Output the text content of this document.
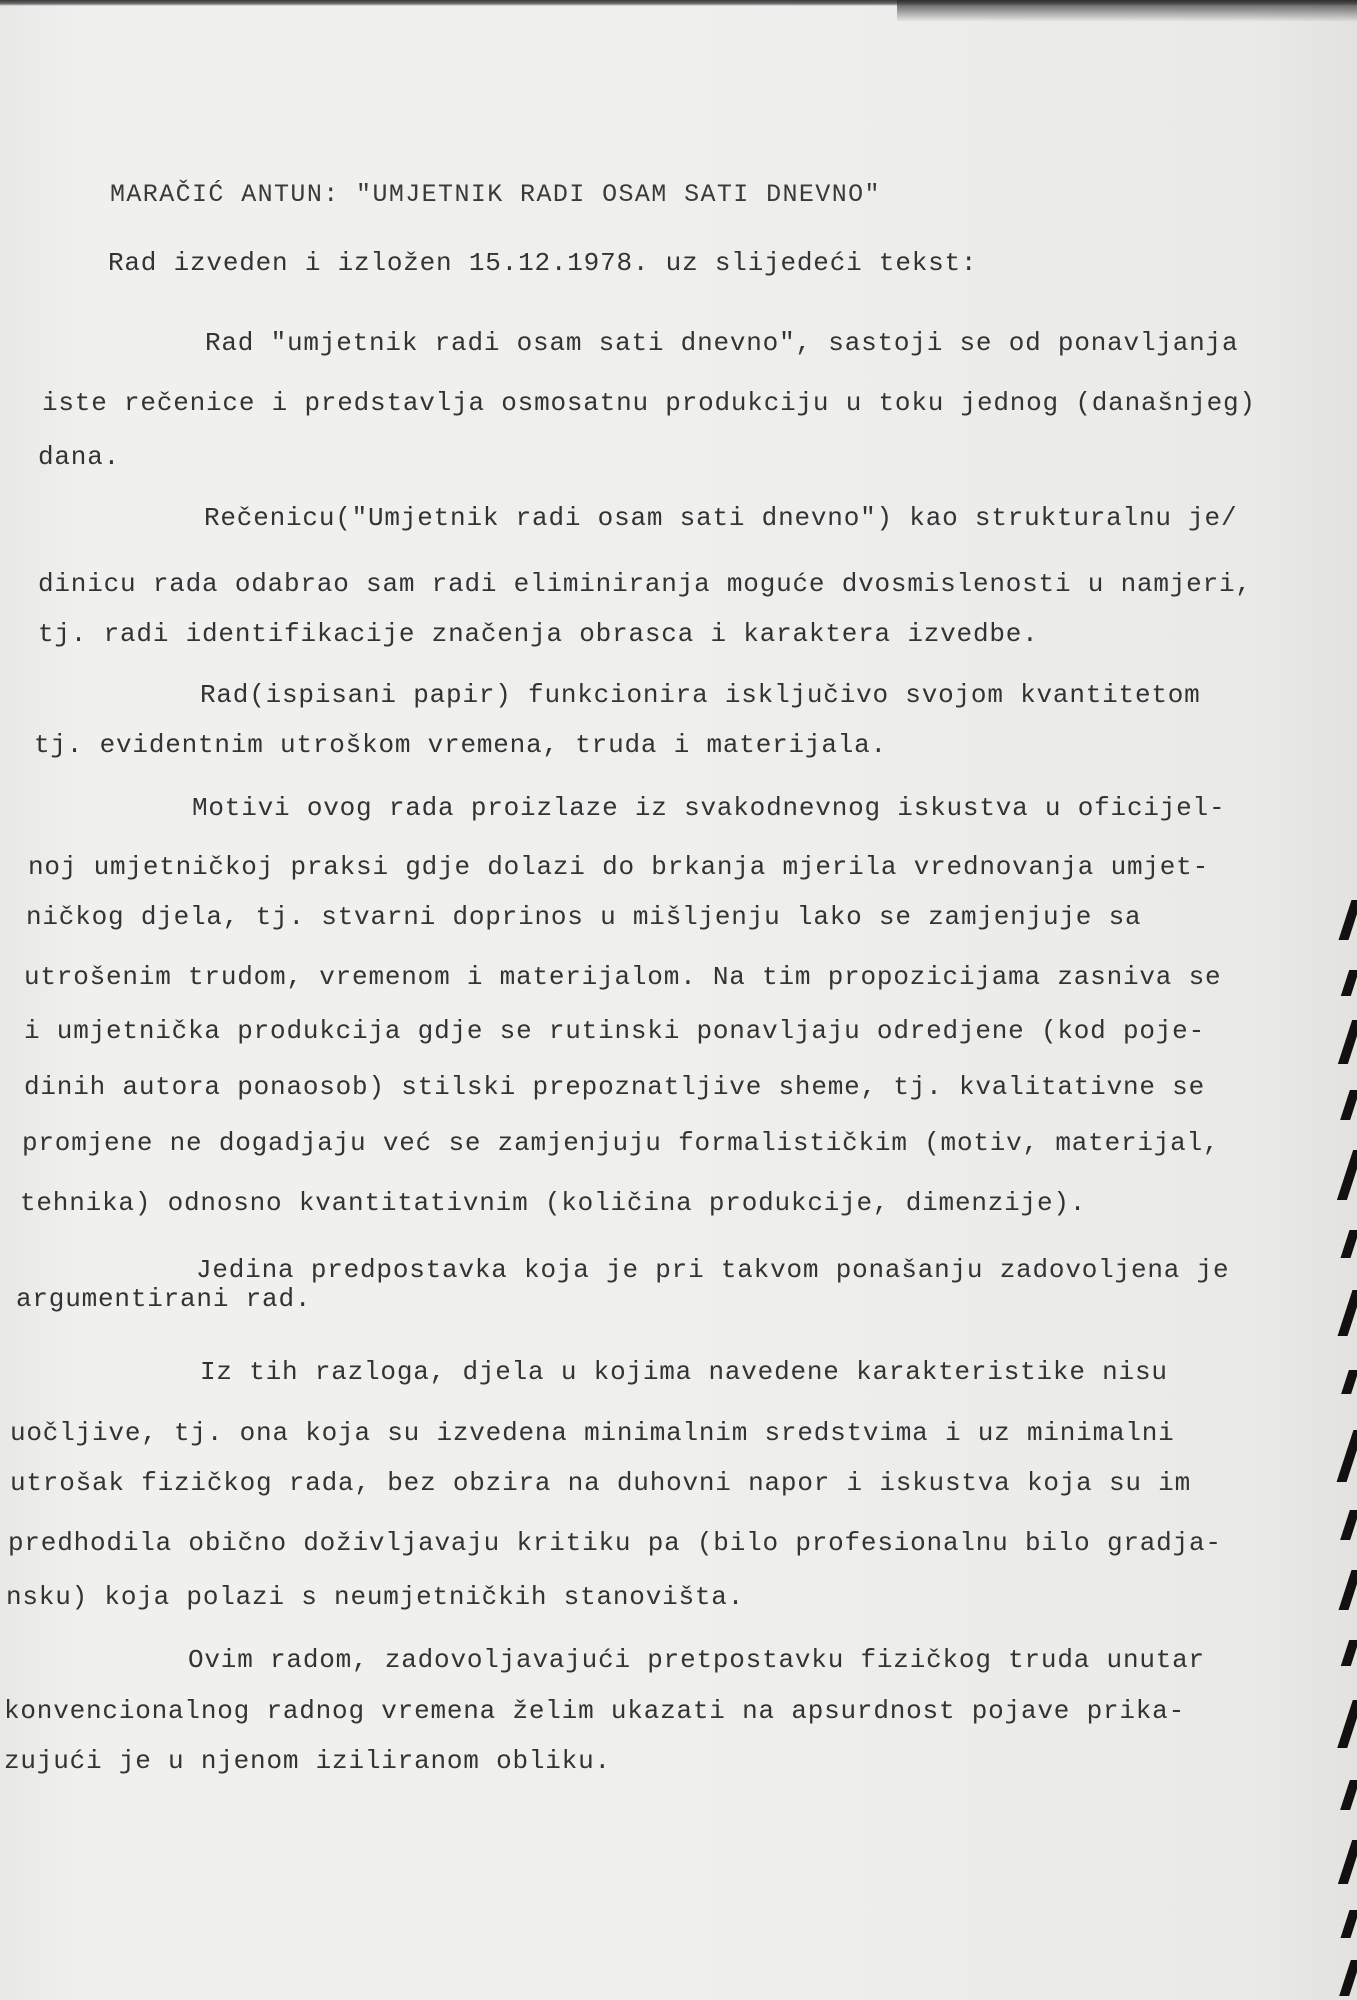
MARAČIĆ ANTUN: "UMJETNIK RADI OSAM SATI DNEVNO"
Rad izveden i izložen 15.12.1978. uz slijedeći tekst:
Rad "umjetnik radi osam sati dnevno", sastoji se od ponavljanja
iste rečenice i predstavlja osmosatnu produkciju u toku jednog (današnjeg)
dana.
Rečenicu("Umjetnik radi osam sati dnevno") kao strukturalnu je/
dinicu rada odabrao sam radi eliminiranja moguće dvosmislenosti u namjeri,
tj. radi identifikacije značenja obrasca i karaktera izvedbe.
Rad(ispisani papir) funkcionira isključivo svojom kvantitetom
tj. evidentnim utroškom vremena, truda i materijala.
Motivi ovog rada proizlaze iz svakodnevnog iskustva u oficijel-
noj umjetničkoj praksi gdje dolazi do brkanja mjerila vrednovanja umjet-
ničkog djela, tj. stvarni doprinos u mišljenju lako se zamjenjuje sa
utrošenim trudom, vremenom i materijalom. Na tim propozicijama zasniva se
i umjetnička produkcija gdje se rutinski ponavljaju odredjene (kod poje-
dinih autora ponaosob) stilski prepoznatljive sheme, tj. kvalitativne se
promjene ne dogadjaju već se zamjenjuju formalističkim (motiv, materijal,
tehnika) odnosno kvantitativnim (količina produkcije, dimenzije).
Jedina predpostavka koja je pri takvom ponašanju zadovoljena je
argumentirani rad.
Iz tih razloga, djela u kojima navedene karakteristike nisu
uočljive, tj. ona koja su izvedena minimalnim sredstvima i uz minimalni
utrošak fizičkog rada, bez obzira na duhovni napor i iskustva koja su im
predhodila obično doživljavaju kritiku pa (bilo profesionalnu bilo gradja-
nsku) koja polazi s neumjetničkih stanovišta.
Ovim radom, zadovoljavajući pretpostavku fizičkog truda unutar
konvencionalnog radnog vremena želim ukazati na apsurdnost pojave prika-
zujući je u njenom iziliranom obliku.
